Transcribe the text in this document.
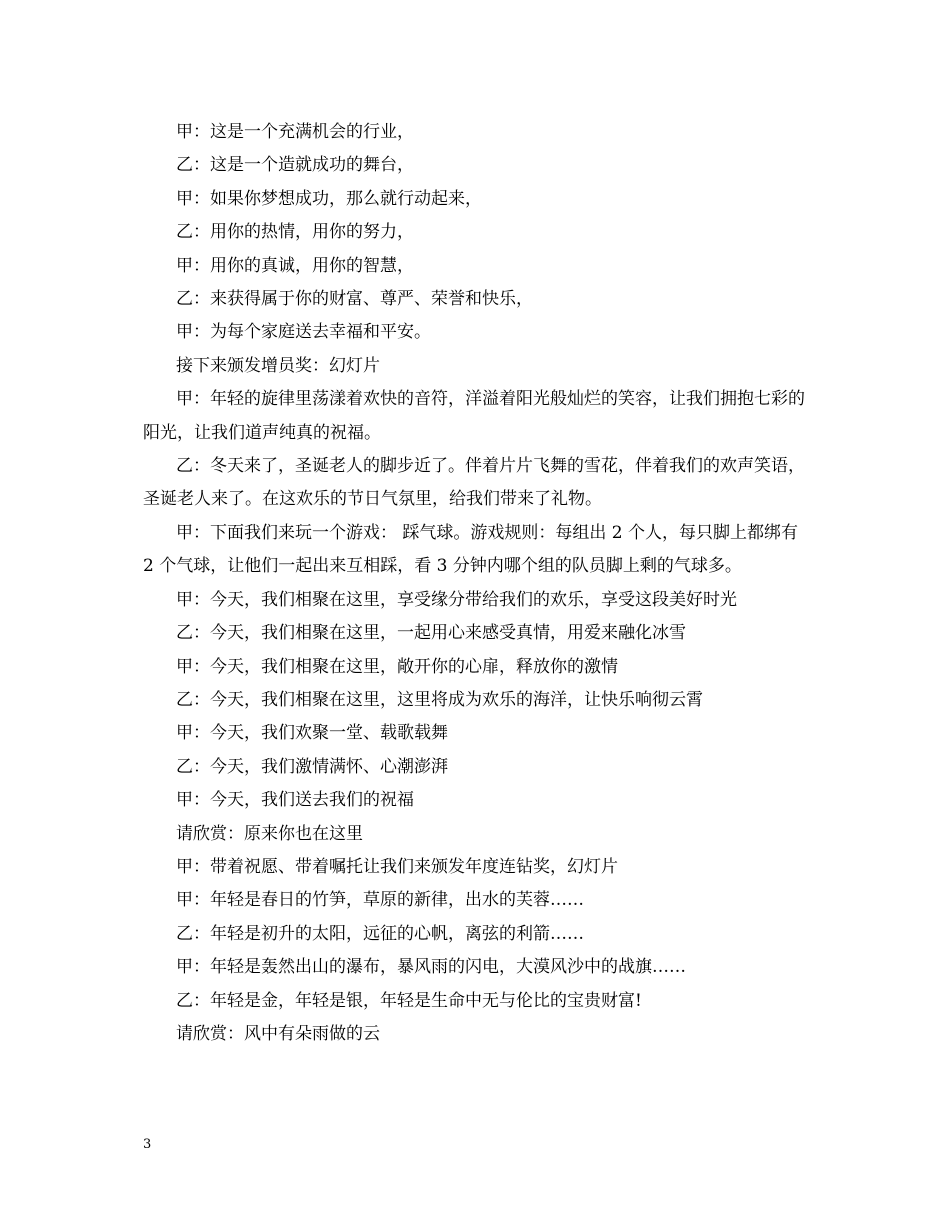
甲：这是一个充满机会的行业，

乙：这是一个造就成功的舞台，

甲：如果你梦想成功，那么就行动起来，

乙：用你的热情，用你的努力，

甲：用你的真诚，用你的智慧，

乙：来获得属于你的财富、尊严、荣誉和快乐，

甲：为每个家庭送去幸福和平安。

接下来颁发增员奖：幻灯片

甲：年轻的旋律里荡漾着欢快的音符，洋溢着阳光般灿烂的笑容，让我们拥抱七彩的阳光，让我们道声纯真的祝福。

乙：冬天来了，圣诞老人的脚步近了。伴着片片飞舞的雪花，伴着我们的欢声笑语，圣诞老人来了。在这欢乐的节日气氛里，给我们带来了礼物。

甲：下面我们来玩一个游戏： 踩气球。游戏规则：每组出 2 个人，每只脚上都绑有 2 个气球，让他们一起出来互相踩，看 3 分钟内哪个组的队员脚上剩的气球多。

甲：今天，我们相聚在这里，享受缘分带给我们的欢乐，享受这段美好时光

乙：今天，我们相聚在这里，一起用心来感受真情，用爱来融化冰雪

甲：今天，我们相聚在这里，敞开你的心扉，释放你的激情

乙：今天，我们相聚在这里，这里将成为欢乐的海洋，让快乐响彻云霄

甲：今天，我们欢聚一堂、载歌载舞

乙：今天，我们激情满怀、心潮澎湃

甲：今天，我们送去我们的祝福

请欣赏：原来你也在这里

甲：带着祝愿、带着嘱托让我们来颁发年度连钻奖，幻灯片

甲：年轻是春日的竹笋，草原的新律，出水的芙蓉……

乙：年轻是初升的太阳，远征的心帆，离弦的利箭……

甲：年轻是轰然出山的瀑布，暴风雨的闪电，大漠风沙中的战旗……

乙：年轻是金，年轻是银，年轻是生命中无与伦比的宝贵财富!

请欣赏：风中有朵雨做的云

3
